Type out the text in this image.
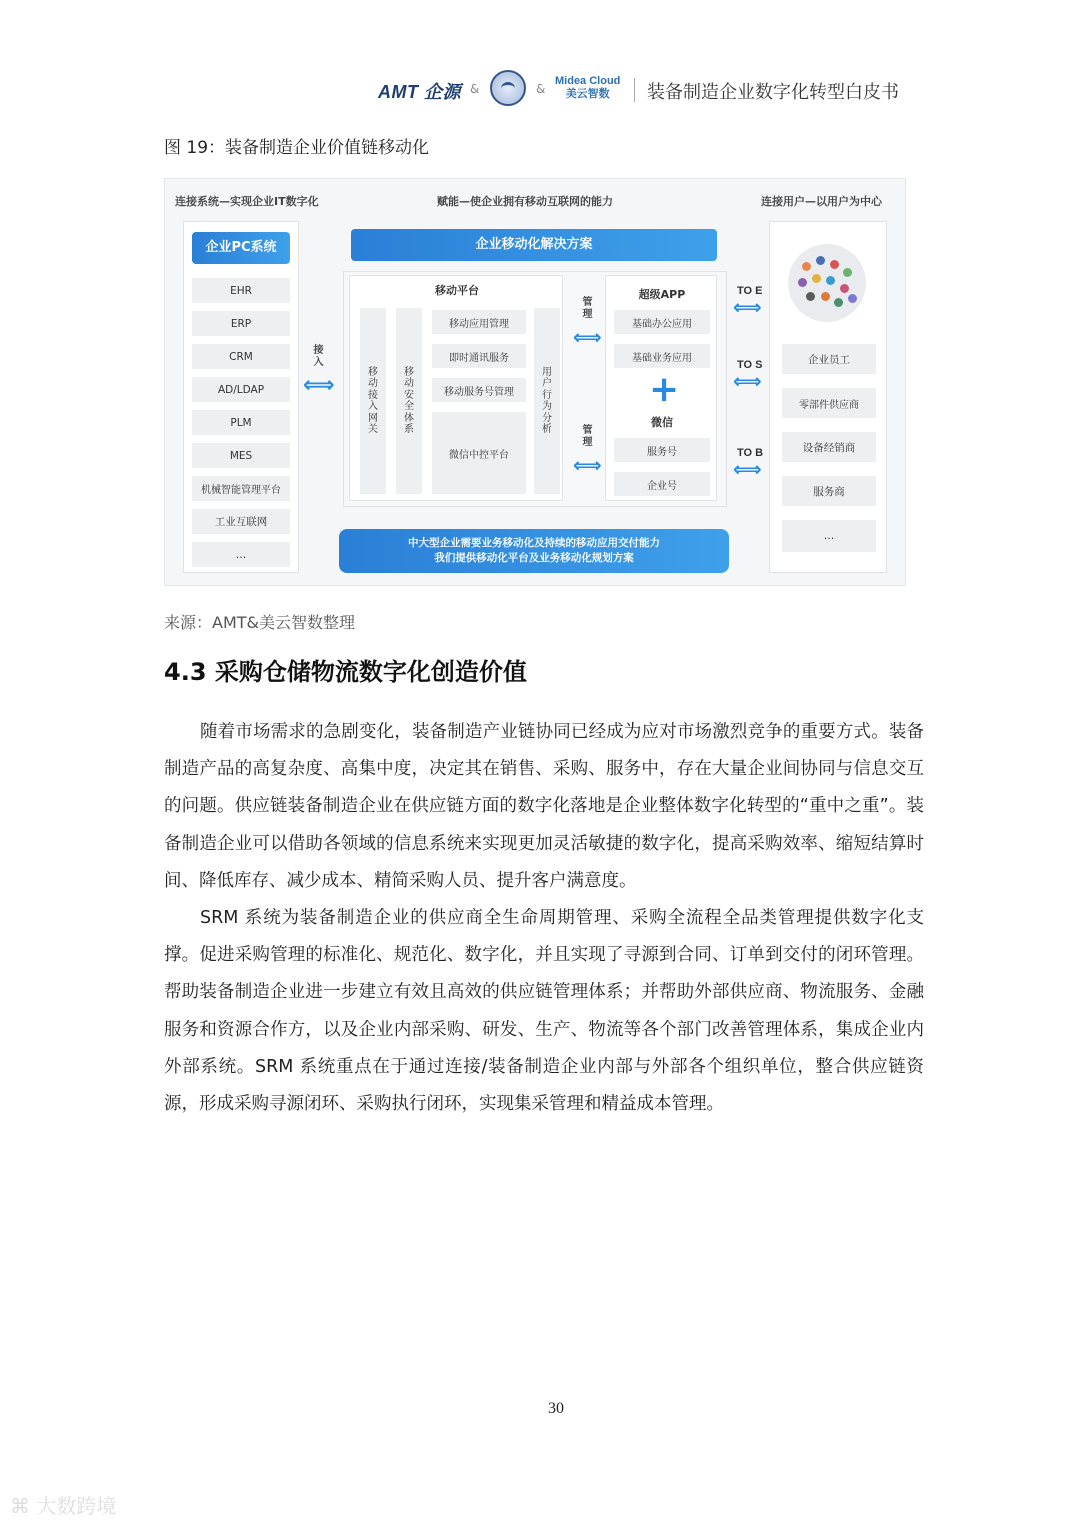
AMT 企源 &	&
Midea Cloud
美云智数	装备制造企业数字化转型白皮书
图 19：装备制造企业价值链移动化
连接系统—实现企业IT数字化	赋能—使企业拥有移动互联网的能力	连接用户—以用户为中心
企业PC系统
EHR
ERP
CRM
AD/LDAP
PLM
MES
机械智能管理平台
工业互联网
…
接入
⟺
企业移动化解决方案
移动平台
移动接入网关
移动安全体系
移动应用管理
即时通讯服务
移动服务号管理
微信中控平台
用户行为分析
管理
⟺
管理
⟺
超级APP
基础办公应用
基础业务应用
+
微信
服务号
企业号
中大型企业需要业务移动化及持续的移动应用交付能力
我们提供移动化平台及业务移动化规划方案
TO E
⟺
TO S
⟺
TO B
⟺
企业员工
零部件供应商
设备经销商
服务商
…
来源：AMT&美云智数整理
4.3 采购仓储物流数字化创造价值

随着市场需求的急剧变化，装备制造产业链协同已经成为应对市场激烈竞争的重要方式。装备制造产品的高复杂度、高集中度，决定其在销售、采购、服务中，存在大量企业间协同与信息交互的问题。供应链装备制造企业在供应链方面的数字化落地是企业整体数字化转型的“重中之重”。装备制造企业可以借助各领域的信息系统来实现更加灵活敏捷的数字化，提高采购效率、缩短结算时间、降低库存、减少成本、精简采购人员、提升客户满意度。

SRM 系统为装备制造企业的供应商全生命周期管理、采购全流程全品类管理提供数字化支撑。促进采购管理的标准化、规范化、数字化，并且实现了寻源到合同、订单到交付的闭环管理。帮助装备制造企业进一步建立有效且高效的供应链管理体系；并帮助外部供应商、物流服务、金融服务和资源合作方，以及企业内部采购、研发、生产、物流等各个部门改善管理体系，集成企业内外部系统。SRM 系统重点在于通过连接/装备制造企业内部与外部各个组织单位，整合供应链资源，形成采购寻源闭环、采购执行闭环，实现集采管理和精益成本管理。

30
⌘ 大数跨境
